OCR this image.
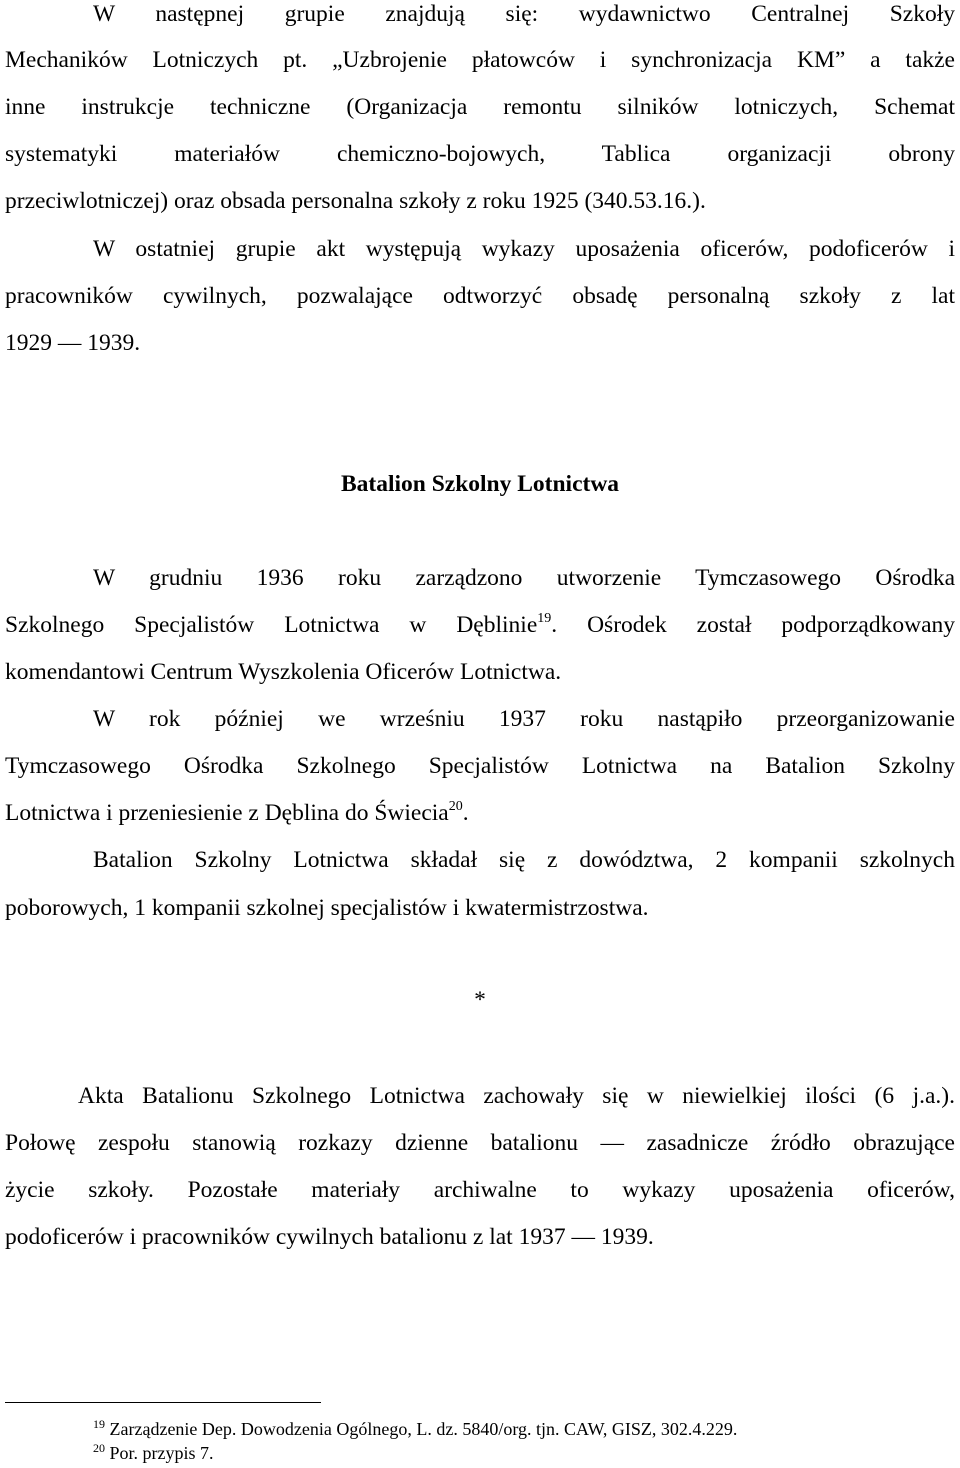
W następnej grupie znajdują się: wydawnictwo Centralnej Szkoły
Mechaników Lotniczych pt. „Uzbrojenie płatowców i synchronizacja KM” a także
inne instrukcje techniczne (Organizacja remontu silników lotniczych, Schemat
systematyki materiałów chemiczno-bojowych, Tablica organizacji obrony
przeciwlotniczej) oraz obsada personalna szkoły z roku 1925 (340.53.16.).
W ostatniej grupie akt występują wykazy uposażenia oficerów, podoficerów i
pracowników cywilnych, pozwalające odtworzyć obsadę personalną szkoły z lat
1929 — 1939.
Batalion Szkolny Lotnictwa
W grudniu 1936 roku zarządzono utworzenie Tymczasowego Ośrodka
Szkolnego Specjalistów Lotnictwa w Dęblinie$^{19}$. Ośrodek został podporządkowany
komendantowi Centrum Wyszkolenia Oficerów Lotnictwa.
W rok później we wrześniu 1937 roku nastąpiło przeorganizowanie
Tymczasowego Ośrodka Szkolnego Specjalistów Lotnictwa na Batalion Szkolny
Lotnictwa i przeniesienie z Dęblina do Świecia$^{20}$.
Batalion Szkolny Lotnictwa składał się z dowództwa, 2 kompanii szkolnych
poborowych, 1 kompanii szkolnej specjalistów i kwatermistrzostwa.
*
Akta Batalionu Szkolnego Lotnictwa zachowały się w niewielkiej ilości (6 j.a.).
Połowę zespołu stanowią rozkazy dzienne batalionu — zasadnicze źródło obrazujące
życie szkoły. Pozostałe materiały archiwalne to wykazy uposażenia oficerów,
podoficerów i pracowników cywilnych batalionu z lat 1937 — 1939.
$^{19}$ Zarządzenie Dep. Dowodzenia Ogólnego, L. dz. 5840/org. tjn. CAW, GISZ, 302.4.229.
$^{20}$ Por. przypis 7.
